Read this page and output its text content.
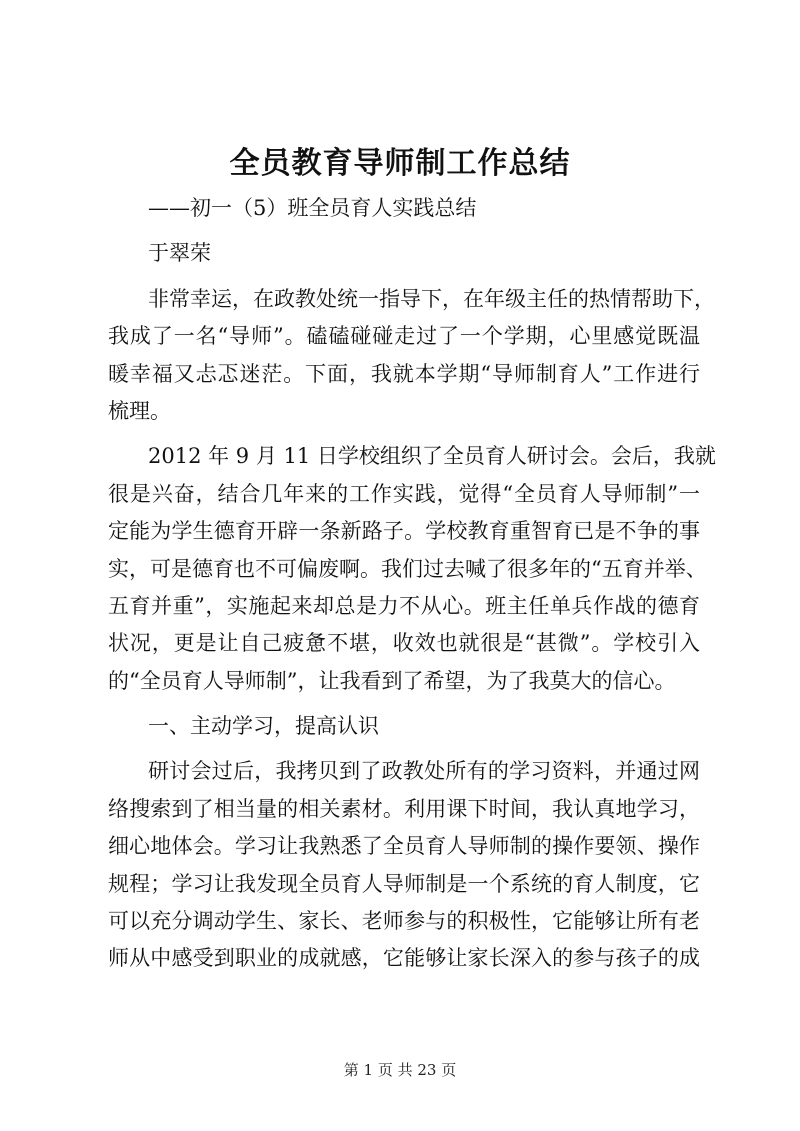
全员教育导师制工作总结
——初一（5）班全员育人实践总结
于翠荣
非常幸运，在政教处统一指导下，在年级主任的热情帮助下，
我成了一名“导师”。磕磕碰碰走过了一个学期，心里感觉既温
暖幸福又忐忑迷茫。下面，我就本学期“导师制育人”工作进行
梳理。
2012 年 9 月 11 日学校组织了全员育人研讨会。会后，我就
很是兴奋，结合几年来的工作实践，觉得“全员育人导师制”一
定能为学生德育开辟一条新路子。学校教育重智育已是不争的事
实，可是德育也不可偏废啊。我们过去喊了很多年的“五育并举、
五育并重”，实施起来却总是力不从心。班主任单兵作战的德育
状况，更是让自己疲惫不堪，收效也就很是“甚微”。学校引入
的“全员育人导师制”，让我看到了希望，为了我莫大的信心。
一、主动学习，提高认识
研讨会过后，我拷贝到了政教处所有的学习资料，并通过网
络搜索到了相当量的相关素材。利用课下时间，我认真地学习，
细心地体会。学习让我熟悉了全员育人导师制的操作要领、操作
规程；学习让我发现全员育人导师制是一个系统的育人制度，它
可以充分调动学生、家长、老师参与的积极性，它能够让所有老
师从中感受到职业的成就感，它能够让家长深入的参与孩子的成
第 1 页 共 23 页
